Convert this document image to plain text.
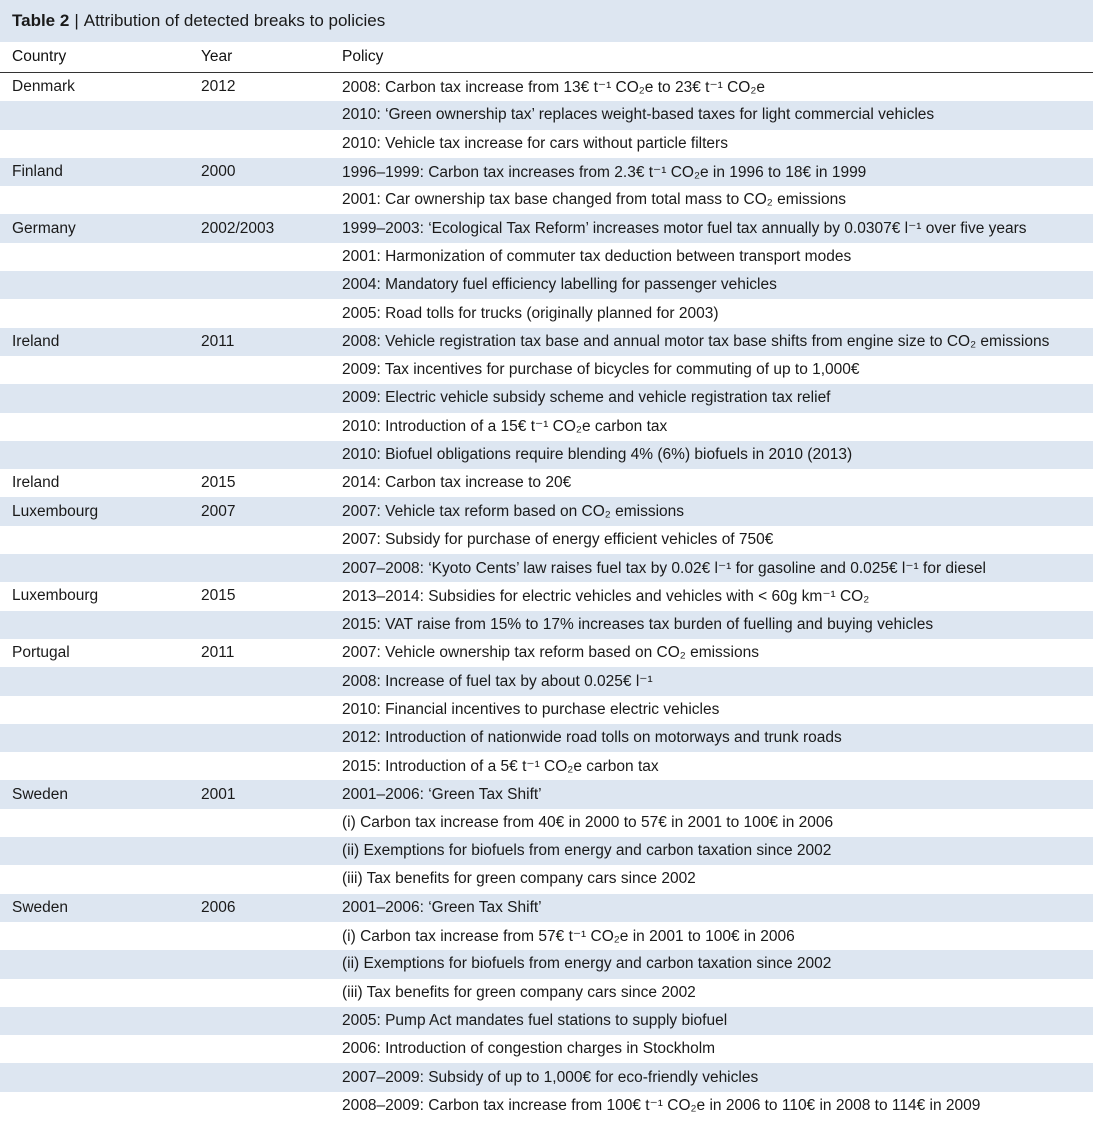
Table 2 | Attribution of detected breaks to policies
Country	Year	Policy
Denmark	2012	2008: Carbon tax increase from 13€ t⁻¹ CO₂e to 23€ t⁻¹ CO₂e
		2010: ‘Green ownership tax’ replaces weight-based taxes for light commercial vehicles
		2010: Vehicle tax increase for cars without particle filters
Finland	2000	1996–1999: Carbon tax increases from 2.3€ t⁻¹ CO₂e in 1996 to 18€ in 1999
		2001: Car ownership tax base changed from total mass to CO₂ emissions
Germany	2002/2003	1999–2003: ‘Ecological Tax Reform’ increases motor fuel tax annually by 0.0307€ l⁻¹ over five years
		2001: Harmonization of commuter tax deduction between transport modes
		2004: Mandatory fuel efficiency labelling for passenger vehicles
		2005: Road tolls for trucks (originally planned for 2003)
Ireland	2011	2008: Vehicle registration tax base and annual motor tax base shifts from engine size to CO₂ emissions
		2009: Tax incentives for purchase of bicycles for commuting of up to 1,000€
		2009: Electric vehicle subsidy scheme and vehicle registration tax relief
		2010: Introduction of a 15€ t⁻¹ CO₂e carbon tax
		2010: Biofuel obligations require blending 4% (6%) biofuels in 2010 (2013)
Ireland	2015	2014: Carbon tax increase to 20€
Luxembourg	2007	2007: Vehicle tax reform based on CO₂ emissions
		2007: Subsidy for purchase of energy efficient vehicles of 750€
		2007–2008: ‘Kyoto Cents’ law raises fuel tax by 0.02€ l⁻¹ for gasoline and 0.025€ l⁻¹ for diesel
Luxembourg	2015	2013–2014: Subsidies for electric vehicles and vehicles with < 60g km⁻¹ CO₂
		2015: VAT raise from 15% to 17% increases tax burden of fuelling and buying vehicles
Portugal	2011	2007: Vehicle ownership tax reform based on CO₂ emissions
		2008: Increase of fuel tax by about 0.025€ l⁻¹
		2010: Financial incentives to purchase electric vehicles
		2012: Introduction of nationwide road tolls on motorways and trunk roads
		2015: Introduction of a 5€ t⁻¹ CO₂e carbon tax
Sweden	2001	2001–2006: ‘Green Tax Shift’
		(i) Carbon tax increase from 40€ in 2000 to 57€ in 2001 to 100€ in 2006
		(ii) Exemptions for biofuels from energy and carbon taxation since 2002
		(iii) Tax benefits for green company cars since 2002
Sweden	2006	2001–2006: ‘Green Tax Shift’
		(i) Carbon tax increase from 57€ t⁻¹ CO₂e in 2001 to 100€ in 2006
		(ii) Exemptions for biofuels from energy and carbon taxation since 2002
		(iii) Tax benefits for green company cars since 2002
		2005: Pump Act mandates fuel stations to supply biofuel
		2006: Introduction of congestion charges in Stockholm
		2007–2009: Subsidy of up to 1,000€ for eco-friendly vehicles
		2008–2009: Carbon tax increase from 100€ t⁻¹ CO₂e in 2006 to 110€ in 2008 to 114€ in 2009
